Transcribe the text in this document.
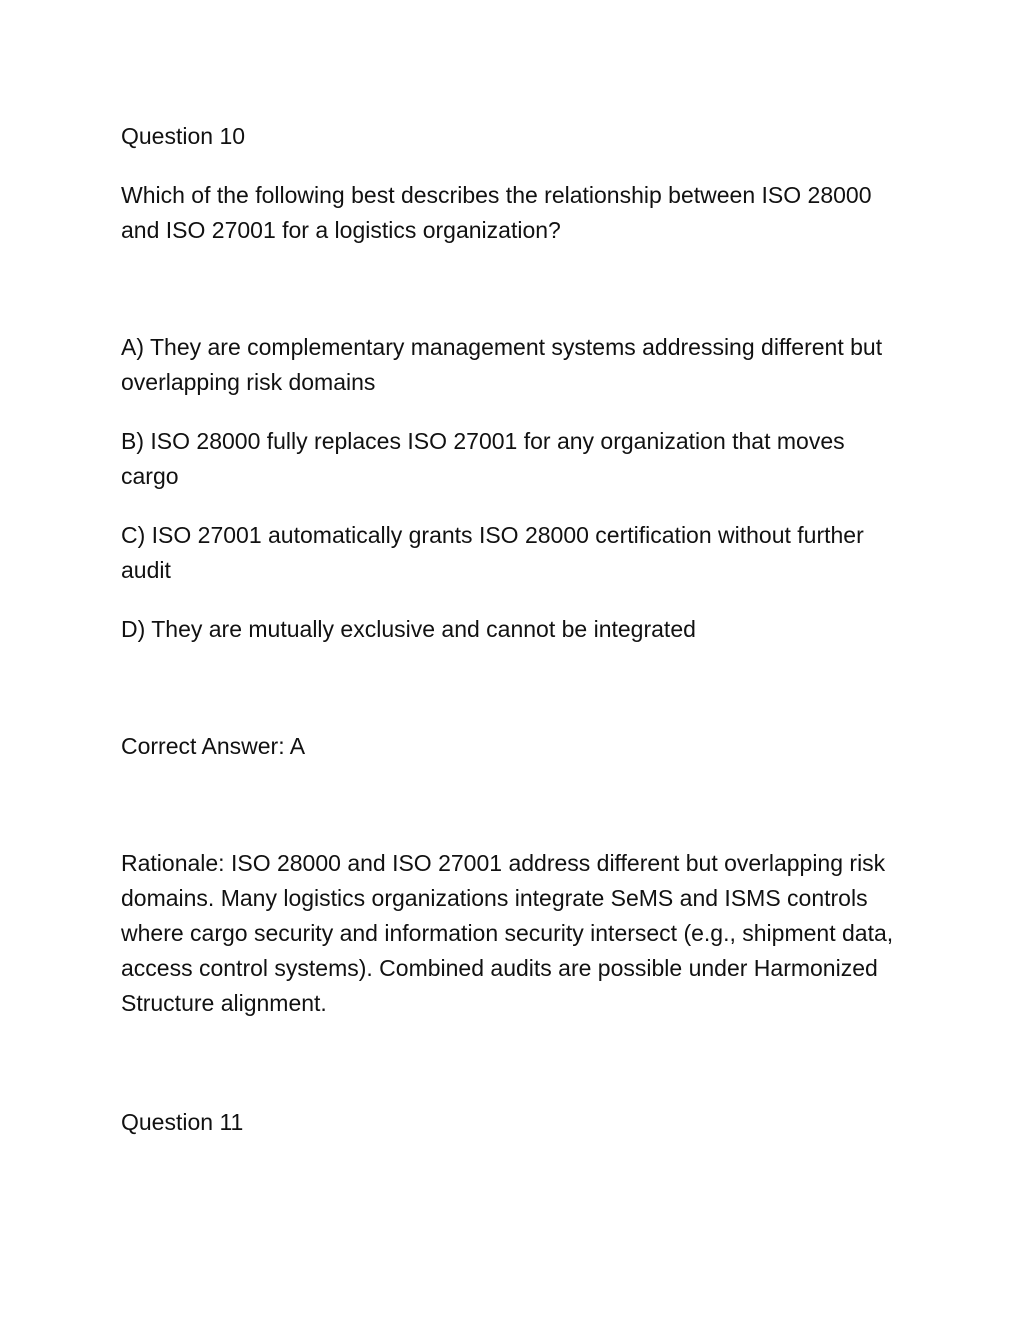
Question 10

Which of the following best describes the relationship between ISO 28000 and ISO 27001 for a logistics organization?

A) They are complementary management systems addressing different but overlapping risk domains

B) ISO 28000 fully replaces ISO 27001 for any organization that moves cargo

C) ISO 27001 automatically grants ISO 28000 certification without further audit

D) They are mutually exclusive and cannot be integrated

Correct Answer: A

Rationale: ISO 28000 and ISO 27001 address different but overlapping risk domains. Many logistics organizations integrate SeMS and ISMS controls where cargo security and information security intersect (e.g., shipment data, access control systems). Combined audits are possible under Harmonized Structure alignment.

Question 11
